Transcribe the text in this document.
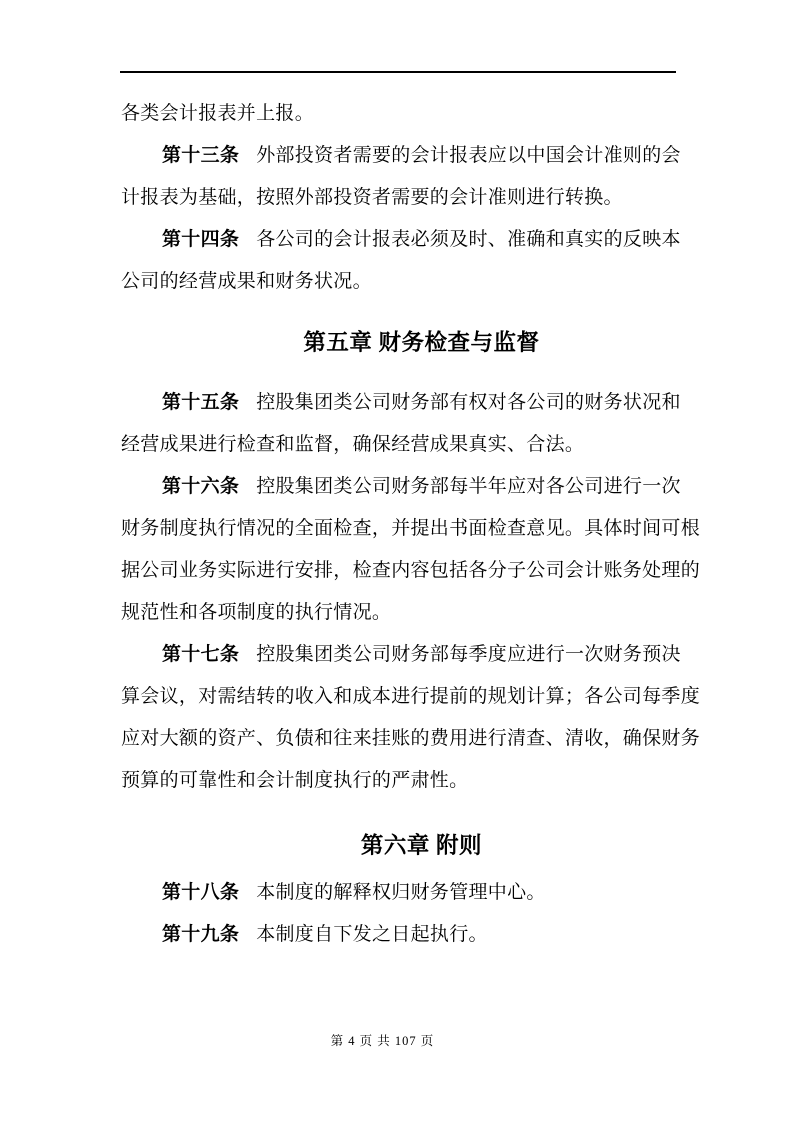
各类会计报表并上报。
第十三条 外部投资者需要的会计报表应以中国会计准则的会
计报表为基础，按照外部投资者需要的会计准则进行转换。
第十四条 各公司的会计报表必须及时、准确和真实的反映本
公司的经营成果和财务状况。
第五章 财务检查与监督
第十五条 控股集团类公司财务部有权对各公司的财务状况和
经营成果进行检查和监督，确保经营成果真实、合法。
第十六条 控股集团类公司财务部每半年应对各公司进行一次
财务制度执行情况的全面检查，并提出书面检查意见。具体时间可根
据公司业务实际进行安排，检查内容包括各分子公司会计账务处理的
规范性和各项制度的执行情况。
第十七条 控股集团类公司财务部每季度应进行一次财务预决
算会议，对需结转的收入和成本进行提前的规划计算；各公司每季度
应对大额的资产、负债和往来挂账的费用进行清查、清收，确保财务
预算的可靠性和会计制度执行的严肃性。
第六章 附则
第十八条 本制度的解释权归财务管理中心。
第十九条 本制度自下发之日起执行。
第 4 页 共 107 页
